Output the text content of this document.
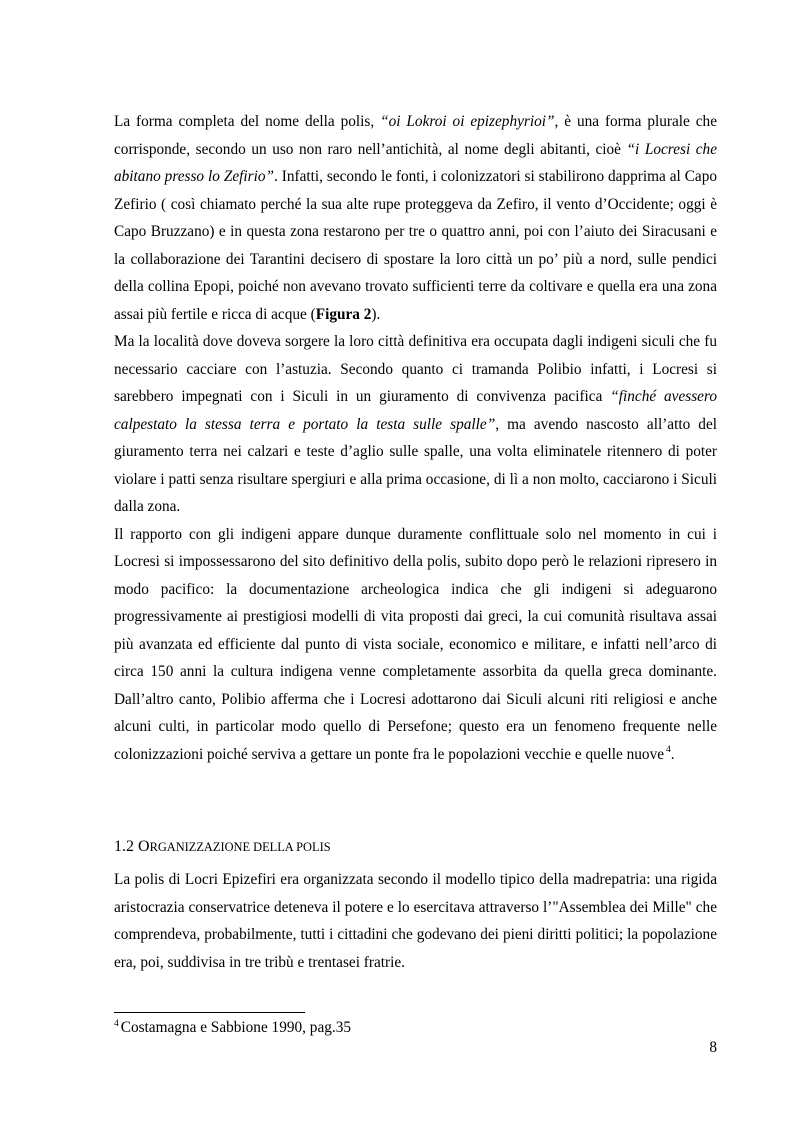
La forma completa del nome della polis, “oi Lokroi oi epizephyrioi”, è una forma plurale che corrisponde, secondo un uso non raro nell’antichità, al nome degli abitanti, cioè “i Locresi che abitano presso lo Zefirio”. Infatti, secondo le fonti, i colonizzatori si stabilirono dapprima al Capo Zefirio ( così chiamato perché la sua alte rupe proteggeva da Zefiro, il vento d’Occidente; oggi è Capo Bruzzano) e in questa zona restarono per tre o quattro anni, poi con l’aiuto dei Siracusani e la collaborazione dei Tarantini decisero di spostare la loro città un po’ più a nord, sulle pendici della collina Epopi, poiché non avevano trovato sufficienti terre da coltivare e quella era una zona assai più fertile e ricca di acque (Figura 2).

Ma la località dove doveva sorgere la loro città definitiva era occupata dagli indigeni siculi che fu necessario cacciare con l’astuzia. Secondo quanto ci tramanda Polibio infatti, i Locresi si sarebbero impegnati con i Siculi in un giuramento di convivenza pacifica “finché avessero calpestato la stessa terra e portato la testa sulle spalle”, ma avendo nascosto all’atto del giuramento terra nei calzari e teste d’aglio sulle spalle, una volta eliminatele ritennero di poter violare i patti senza risultare spergiuri e alla prima occasione, di lì a non molto, cacciarono i Siculi dalla zona.

Il rapporto con gli indigeni appare dunque duramente conflittuale solo nel momento in cui i Locresi si impossessarono del sito definitivo della polis, subito dopo però le relazioni ripresero in modo pacifico: la documentazione archeologica indica che gli indigeni si adeguarono progressivamente ai prestigiosi modelli di vita proposti dai greci, la cui comunità risultava assai più avanzata ed efficiente dal punto di vista sociale, economico e militare, e infatti nell’arco di circa 150 anni la cultura indigena venne completamente assorbita da quella greca dominante. Dall’altro canto, Polibio afferma che i Locresi adottarono dai Siculi alcuni riti religiosi e anche alcuni culti, in particolar modo quello di Persefone; questo era un fenomeno frequente nelle colonizzazioni poiché serviva a gettare un ponte fra le popolazioni vecchie e quelle nuove $^4$.

1.2 ORGANIZZAZIONE DELLA POLIS

La polis di Locri Epizefiri era organizzata secondo il modello tipico della madrepatria: una rigida aristocrazia conservatrice deteneva il potere e lo esercitava attraverso l’"Assemblea dei Mille" che comprendeva, probabilmente, tutti i cittadini che godevano dei pieni diritti politici; la popolazione era, poi, suddivisa in tre tribù e trentasei fratrie.

$^4$ Costamagna e Sabbione 1990, pag.35
8
